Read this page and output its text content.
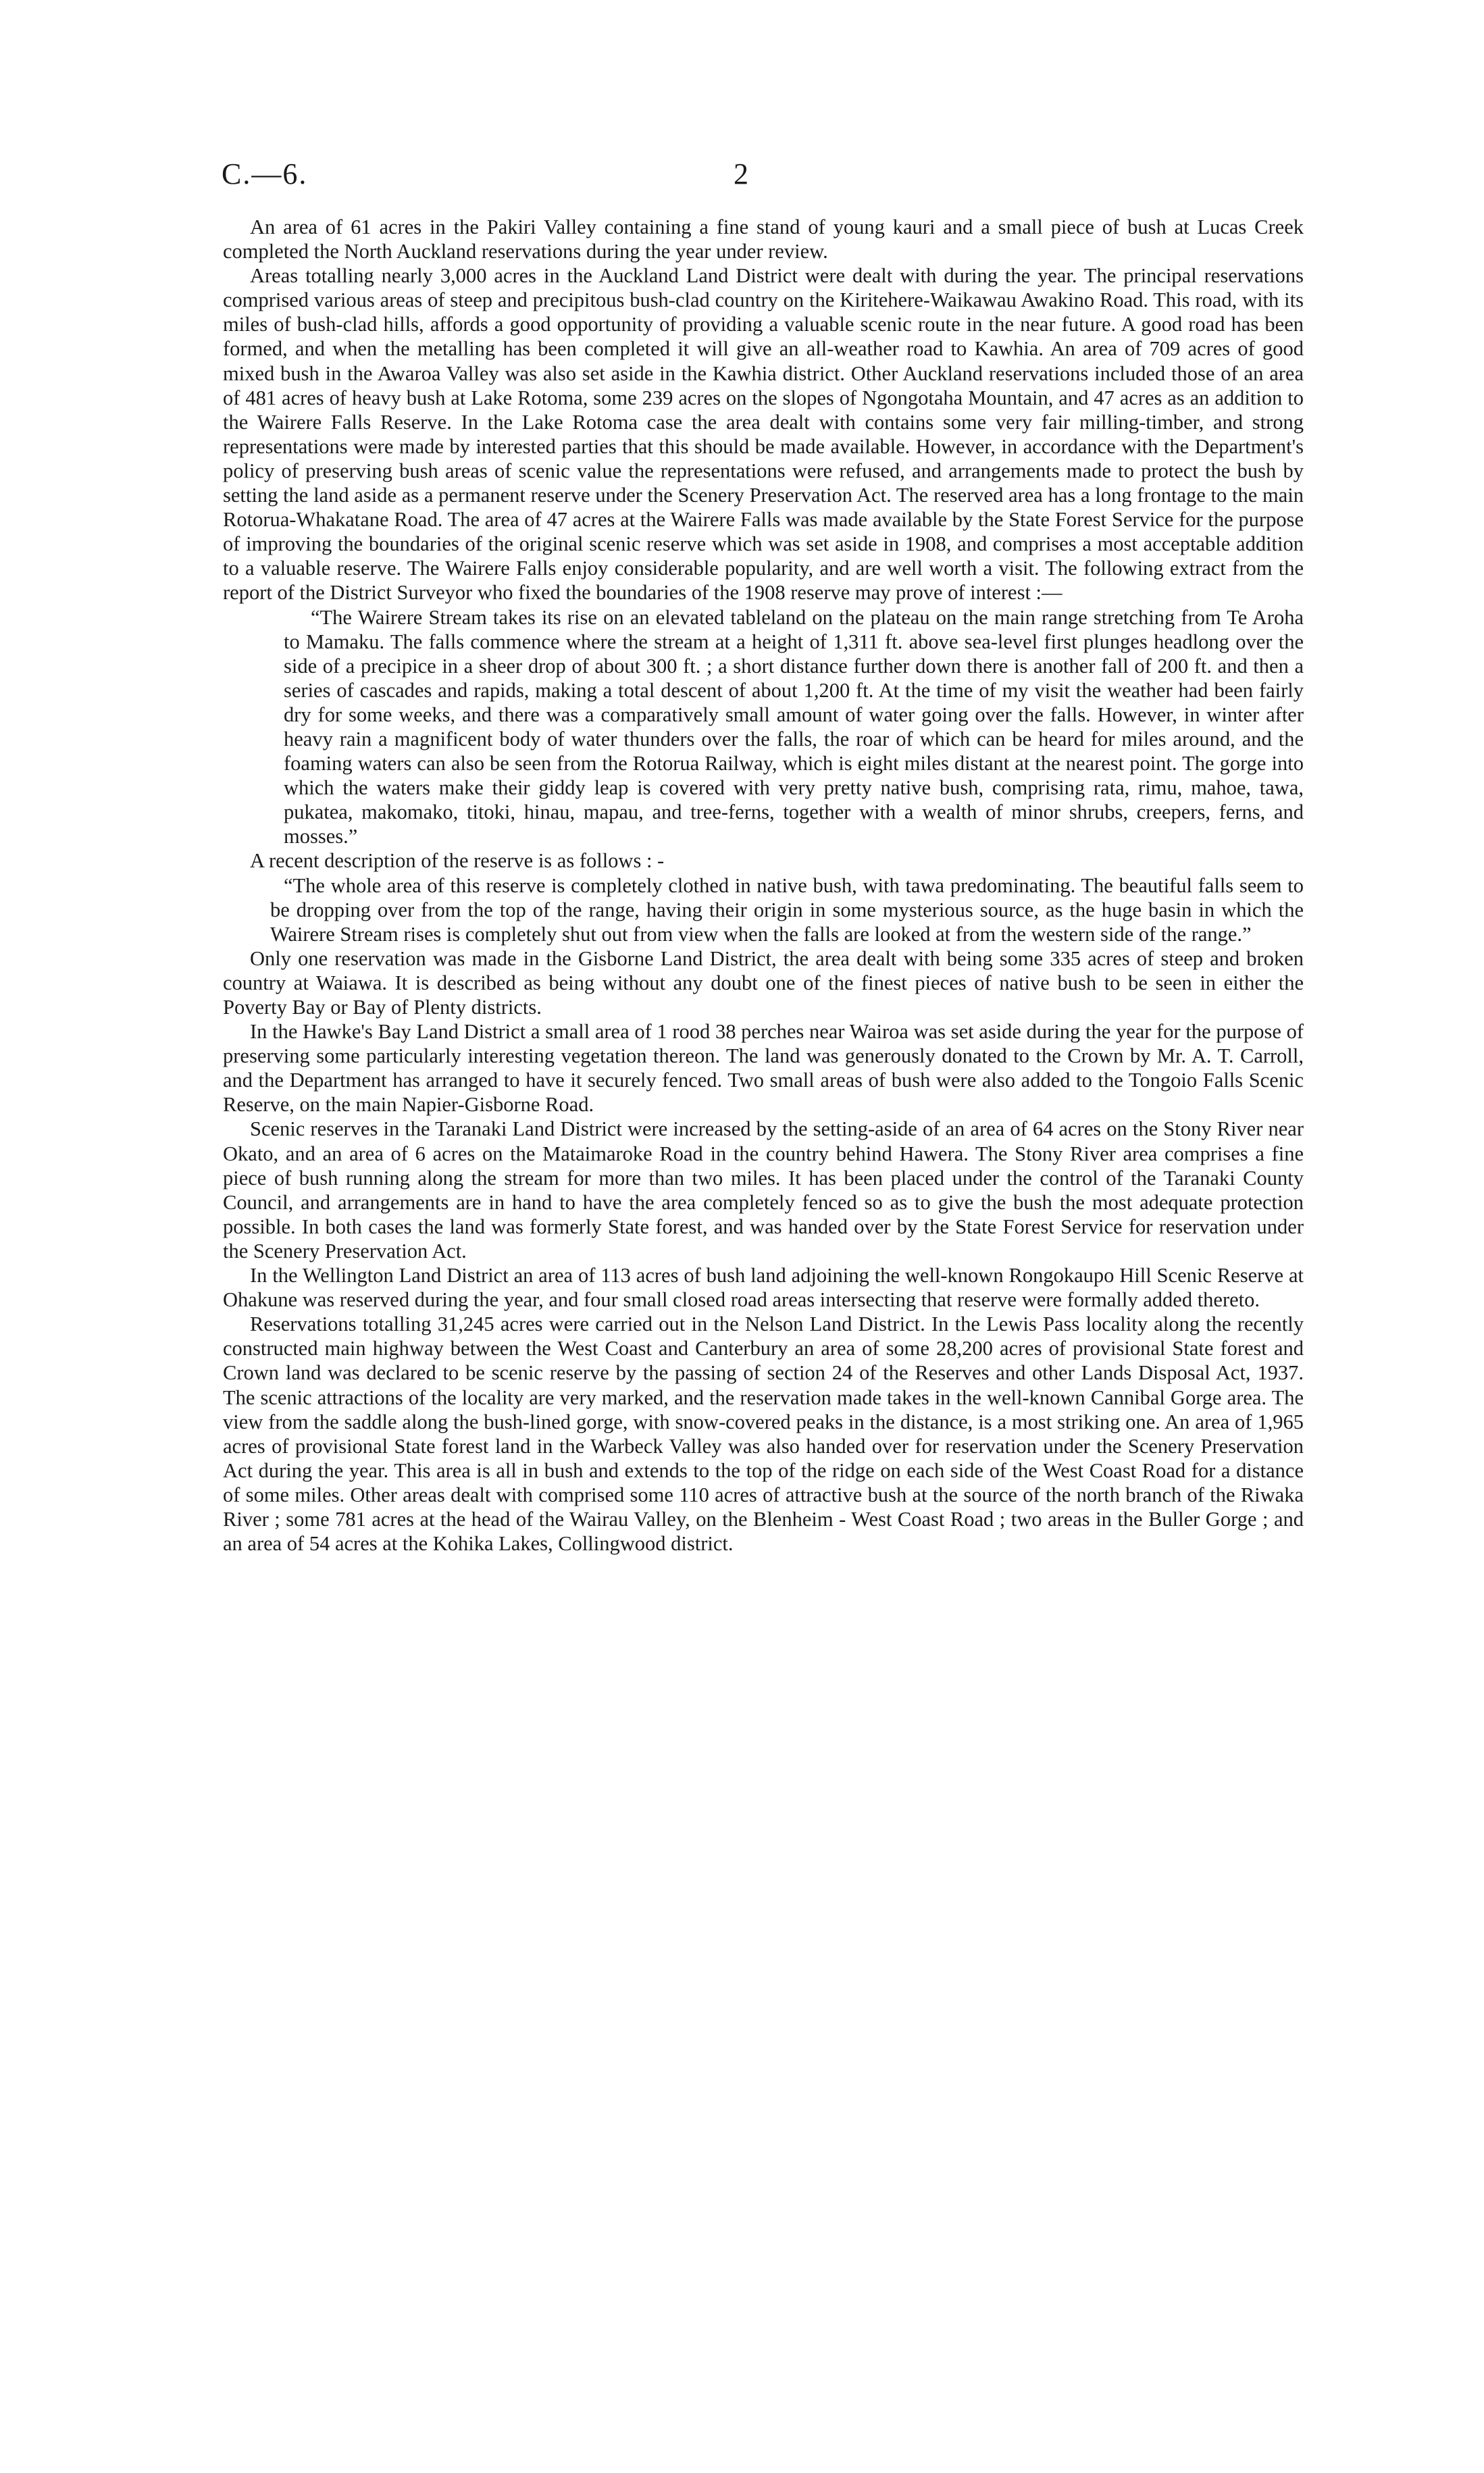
C.—6.	2

An area of 61 acres in the Pakiri Valley containing a fine stand of young kauri and a small piece of bush at Lucas Creek completed the North Auckland reservations during the year under review.

Areas totalling nearly 3,000 acres in the Auckland Land District were dealt with during the year. The principal reservations comprised various areas of steep and precipitous bush-clad country on the Kiritehere-Waikawau Awakino Road. This road, with its miles of bush-clad hills, affords a good opportunity of providing a valuable scenic route in the near future. A good road has been formed, and when the metalling has been completed it will give an all-weather road to Kawhia. An area of 709 acres of good mixed bush in the Awaroa Valley was also set aside in the Kawhia district. Other Auckland reservations included those of an area of 481 acres of heavy bush at Lake Rotoma, some 239 acres on the slopes of Ngongotaha Mountain, and 47 acres as an addition to the Wairere Falls Reserve. In the Lake Rotoma case the area dealt with contains some very fair milling-timber, and strong representations were made by interested parties that this should be made available. However, in accordance with the Department's policy of preserving bush areas of scenic value the representations were refused, and arrangements made to protect the bush by setting the land aside as a permanent reserve under the Scenery Preservation Act. The reserved area has a long frontage to the main Rotorua-Whakatane Road. The area of 47 acres at the Wairere Falls was made available by the State Forest Service for the purpose of improving the boundaries of the original scenic reserve which was set aside in 1908, and comprises a most acceptable addition to a valuable reserve. The Wairere Falls enjoy considerable popularity, and are well worth a visit. The following extract from the report of the District Surveyor who fixed the boundaries of the 1908 reserve may prove of interest :—

“The Wairere Stream takes its rise on an elevated tableland on the plateau on the main range stretching from Te Aroha to Mamaku. The falls commence where the stream at a height of 1,311 ft. above sea-level first plunges headlong over the side of a precipice in a sheer drop of about 300 ft. ; a short distance further down there is another fall of 200 ft. and then a series of cascades and rapids, making a total descent of about 1,200 ft. At the time of my visit the weather had been fairly dry for some weeks, and there was a comparatively small amount of water going over the falls. However, in winter after heavy rain a magnificent body of water thunders over the falls, the roar of which can be heard for miles around, and the foaming waters can also be seen from the Rotorua Railway, which is eight miles distant at the nearest point. The gorge into which the waters make their giddy leap is covered with very pretty native bush, comprising rata, rimu, mahoe, tawa, pukatea, makomako, titoki, hinau, mapau, and tree-ferns, together with a wealth of minor shrubs, creepers, ferns, and mosses.”

A recent description of the reserve is as follows : -

“The whole area of this reserve is completely clothed in native bush, with tawa predominating. The beautiful falls seem to be dropping over from the top of the range, having their origin in some mysterious source, as the huge basin in which the Wairere Stream rises is completely shut out from view when the falls are looked at from the western side of the range.”

Only one reservation was made in the Gisborne Land District, the area dealt with being some 335 acres of steep and broken country at Waiawa. It is described as being without any doubt one of the finest pieces of native bush to be seen in either the Poverty Bay or Bay of Plenty districts.

In the Hawke's Bay Land District a small area of 1 rood 38 perches near Wairoa was set aside during the year for the purpose of preserving some particularly interesting vegetation thereon. The land was generously donated to the Crown by Mr. A. T. Carroll, and the Department has arranged to have it securely fenced. Two small areas of bush were also added to the Tongoio Falls Scenic Reserve, on the main Napier-Gisborne Road.

Scenic reserves in the Taranaki Land District were increased by the setting-aside of an area of 64 acres on the Stony River near Okato, and an area of 6 acres on the Mataimaroke Road in the country behind Hawera. The Stony River area comprises a fine piece of bush running along the stream for more than two miles. It has been placed under the control of the Taranaki County Council, and arrangements are in hand to have the area completely fenced so as to give the bush the most adequate protection possible. In both cases the land was formerly State forest, and was handed over by the State Forest Service for reservation under the Scenery Preservation Act.

In the Wellington Land District an area of 113 acres of bush land adjoining the well-known Rongokaupo Hill Scenic Reserve at Ohakune was reserved during the year, and four small closed road areas intersecting that reserve were formally added thereto.

Reservations totalling 31,245 acres were carried out in the Nelson Land District. In the Lewis Pass locality along the recently constructed main highway between the West Coast and Canterbury an area of some 28,200 acres of provisional State forest and Crown land was declared to be scenic reserve by the passing of section 24 of the Reserves and other Lands Disposal Act, 1937. The scenic attractions of the locality are very marked, and the reservation made takes in the well-known Cannibal Gorge area. The view from the saddle along the bush-lined gorge, with snow-covered peaks in the distance, is a most striking one. An area of 1,965 acres of provisional State forest land in the Warbeck Valley was also handed over for reservation under the Scenery Preservation Act during the year. This area is all in bush and extends to the top of the ridge on each side of the West Coast Road for a distance of some miles. Other areas dealt with comprised some 110 acres of attractive bush at the source of the north branch of the Riwaka River ; some 781 acres at the head of the Wairau Valley, on the Blenheim - West Coast Road ; two areas in the Buller Gorge ; and an area of 54 acres at the Kohika Lakes, Collingwood district.
